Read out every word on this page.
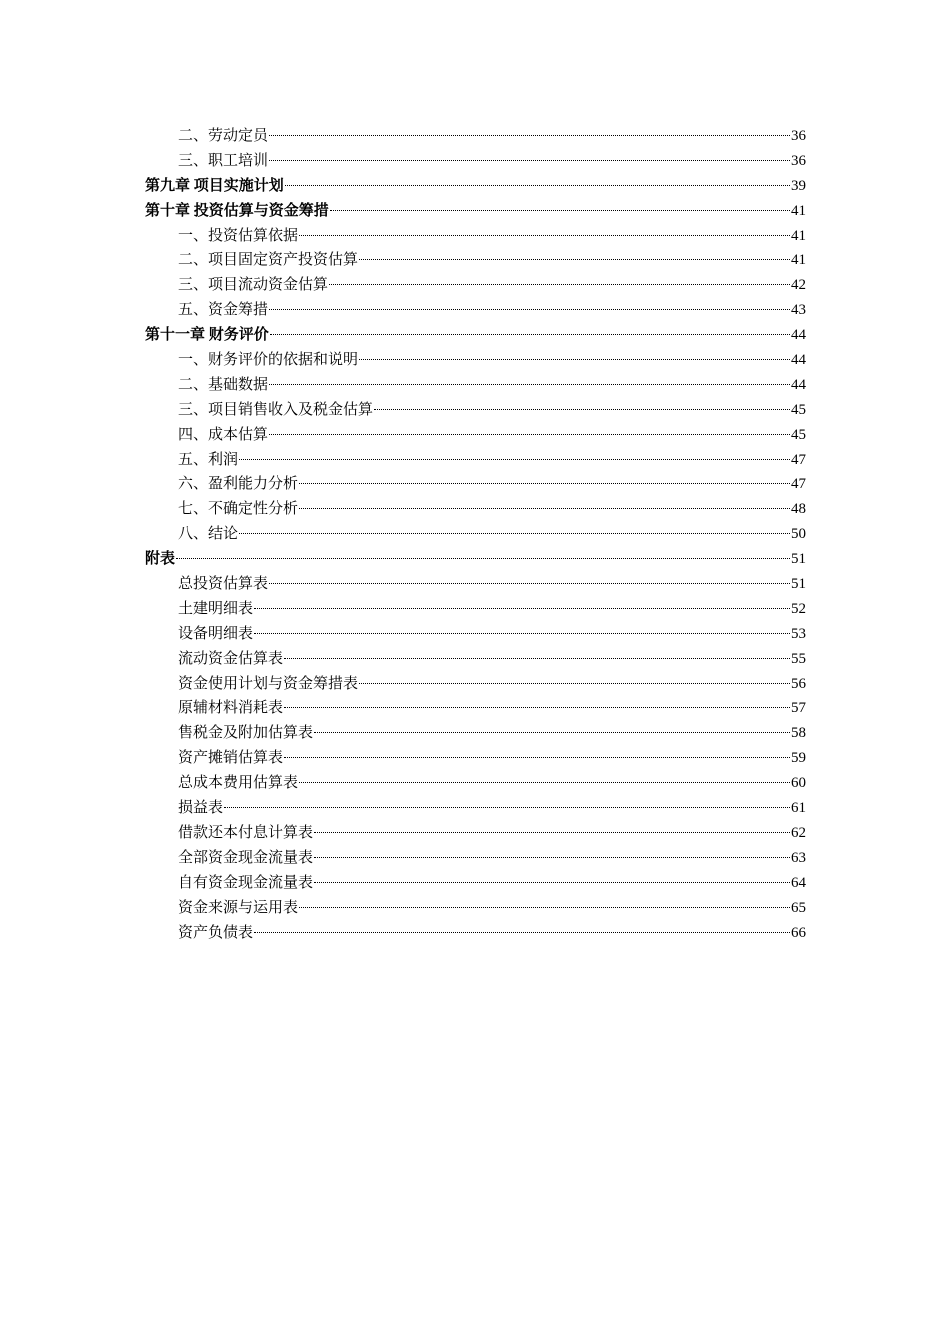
二、劳动定员	36
三、职工培训	36
第九章 项目实施计划	39
第十章 投资估算与资金筹措	41
一、投资估算依据	41
二、项目固定资产投资估算	41
三、项目流动资金估算	42
五、资金筹措	43
第十一章 财务评价	44
一、财务评价的依据和说明	44
二、基础数据	44
三、项目销售收入及税金估算	45
四、成本估算	45
五、利润	47
六、盈利能力分析	47
七、不确定性分析	48
八、结论	50
附表	51
总投资估算表	51
土建明细表	52
设备明细表	53
流动资金估算表	55
资金使用计划与资金筹措表	56
原辅材料消耗表	57
售税金及附加估算表	58
资产摊销估算表	59
总成本费用估算表	60
损益表	61
借款还本付息计算表	62
全部资金现金流量表	63
自有资金现金流量表	64
资金来源与运用表	65
资产负债表	66
